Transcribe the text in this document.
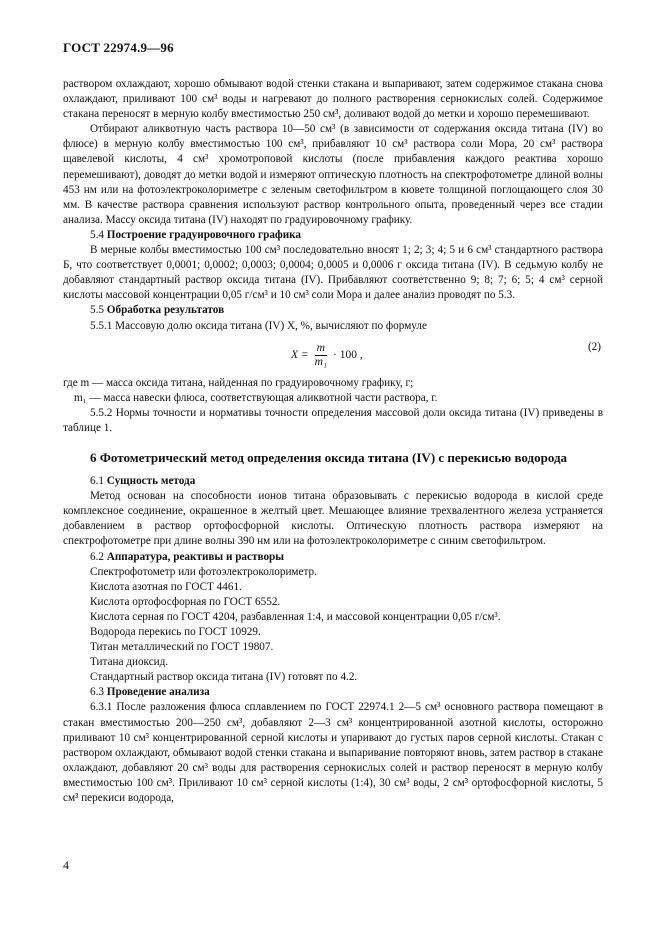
ГОСТ 22974.9—96

раствором охлаждают, хорошо обмывают водой стенки стакана и выпаривают, затем содержимое стакана снова охлаждают, приливают 100 см³ воды и нагревают до полного растворения сернокислых солей. Содержимое стакана переносят в мерную колбу вместимостью 250 см³, доливают водой до метки и хорошо перемешивают.

Отбирают аликвотную часть раствора 10—50 см³ (в зависимости от содержания оксида титана (IV) во флюсе) в мерную колбу вместимостью 100 см³, прибавляют 10 см³ раствора соли Мора, 20 см³ раствора щавелевой кислоты, 4 см³ хромотроповой кислоты (после прибавления каждого реактива хорошо перемешивают), доводят до метки водой и измеряют оптическую плотность на спектрофотометре длиной волны 453 нм или на фотоэлектроколориметре с зеленым светофильтром в кювете толщиной поглощающего слоя 30 мм. В качестве раствора сравнения используют раствор контрольного опыта, проведенный через все стадии анализа. Массу оксида титана (IV) находят по градуировочному графику.

5.4 Построение градуировочного графика

В мерные колбы вместимостью 100 см³ последовательно вносят 1; 2; 3; 4; 5 и 6 см³ стандартного раствора Б, что соответствует 0,0001; 0,0002; 0,0003; 0,0004; 0,0005 и 0,0006 г оксида титана (IV). В седьмую колбу не добавляют стандартный раствор оксида титана (IV). Прибавляют соответственно 9; 8; 7; 6; 5; 4 см³ серной кислоты массовой концентрации 0,05 г/см³ и 10 см³ соли Мора и далее анализ проводят по 5.3.

5.5 Обработка результатов

5.5.1 Массовую долю оксида титана (IV) X, %, вычисляют по формуле

$X = \frac{m}{\text{m₁}} \cdot 100$ ,
(2)

где m — масса оксида титана, найденная по градуировочному графику, г;

m₁ — масса навески флюса, соответствующая аликвотной части раствора, г.

5.5.2 Нормы точности и нормативы точности определения массовой доли оксида титана (IV) приведены в таблице 1.

6 Фотометрический метод определения оксида титана (IV) с перекисью водорода

6.1 Сущность метода

Метод основан на способности ионов титана образовывать с перекисью водорода в кислой среде комплексное соединение, окрашенное в желтый цвет. Мешающее влияние трехвалентного железа устраняется добавлением в раствор ортофосфорной кислоты. Оптическую плотность раствора измеряют на спектрофотометре при длине волны 390 нм или на фотоэлектроколориметре с синим светофильтром.

6.2 Аппаратура, реактивы и растворы

Спектрофотометр или фотоэлектроколориметр.

Кислота азотная по ГОСТ 4461.

Кислота ортофосфорная по ГОСТ 6552.

Кислота серная по ГОСТ 4204, разбавленная 1:4, и массовой концентрации 0,05 г/см³.

Водорода перекись по ГОСТ 10929.

Титан металлический по ГОСТ 19807.

Титана диоксид.

Стандартный раствор оксида титана (IV) готовят по 4.2.

6.3 Проведение анализа

6.3.1 После разложения флюса сплавлением по ГОСТ 22974.1 2—5 см³ основного раствора помещают в стакан вместимостью 200—250 см³, добавляют 2—3 см³ концентрированной азотной кислоты, осторожно приливают 10 см³ концентрированной серной кислоты и упаривают до густых паров серной кислоты. Стакан с раствором охлаждают, обмывают водой стенки стакана и выпаривание повторяют вновь, затем раствор в стакане охлаждают, добавляют 20 см³ воды для растворения сернокислых солей и раствор переносят в мерную колбу вместимостью 100 см³. Приливают 10 см³ серной кислоты (1:4), 30 см³ воды, 2 см³ ортофосфорной кислоты, 5 см³ перекиси водорода,

4
